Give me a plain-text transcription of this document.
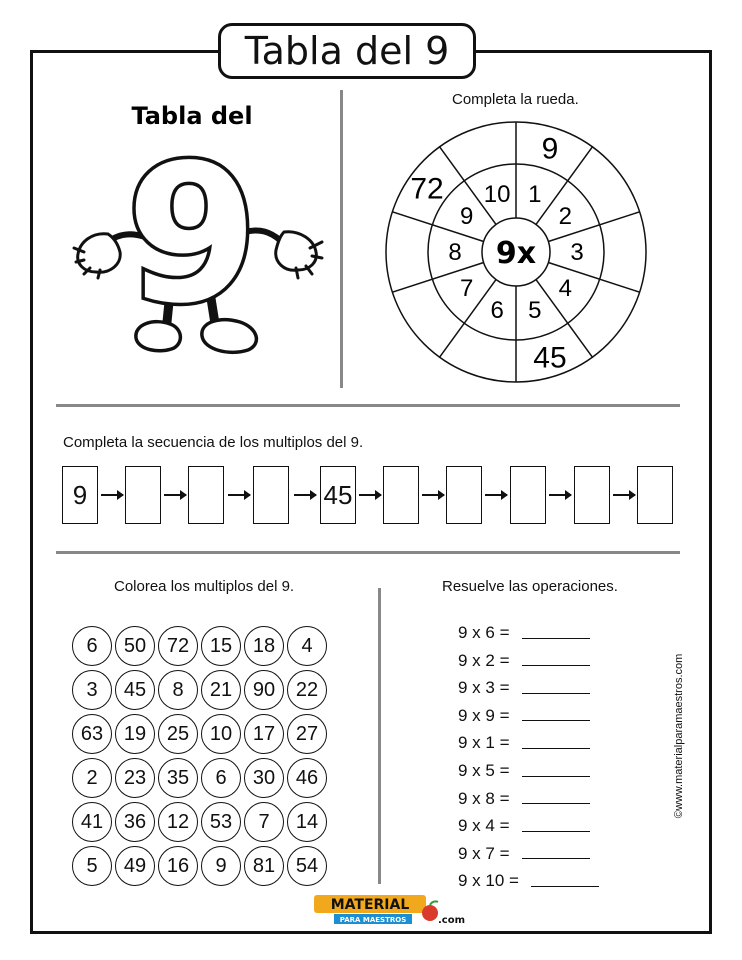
Tabla del 9
Tabla del
9
Completa la rueda.
9x
1
2
3
4
5
6
7
8
9
10
9
45
72
Completa la secuencia de los multiplos del 9.
9	45
Colorea los multiplos del 9.
6	50	72	15	18	4
3	45	8	21	90	22
63	19	25	10	17	27
2	23	35	6	30	46
41	36	12	53	7	14
5	49	16	9	81	54
Resuelve las operaciones.
9 x 6 =
9 x 2 =
9 x 3 =
9 x 9 =
9 x 1 =
9 x 5 =
9 x 8 =
9 x 4 =
9 x 7 =
9 x 10 =
©www.materialparamaestros.com
MATERIAL
PARA MAESTROS	.com
